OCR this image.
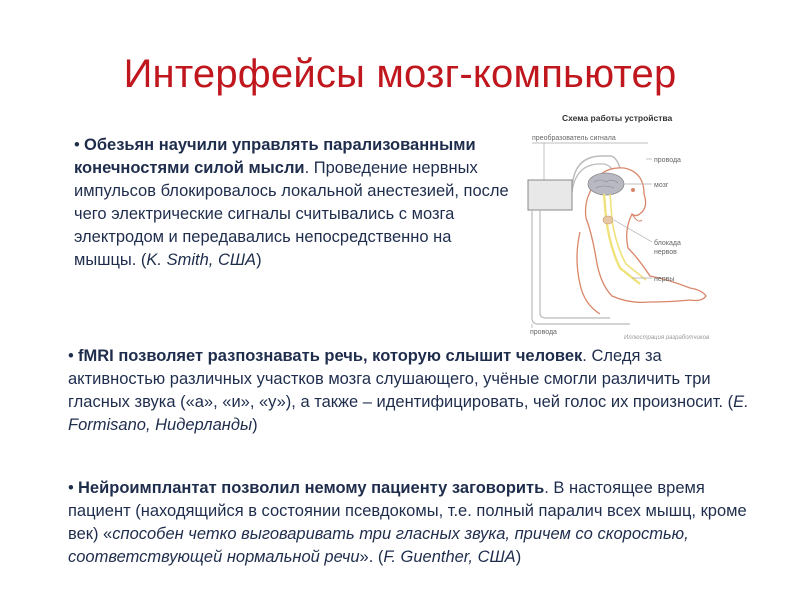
Интерфейсы мозг-компьютер
• Обезьян научили управлять парализованными конечностями силой мысли. Проведение нервных импульсов блокировалось локальной анестезией, после чего электрические сигналы считывались с мозга электродом и передавались непосредственно на мышцы. (K. Smith, США)
Схема работы устройства
преобразователь сигнала
провода
мозг
блокада
нервов
нервы
провода
Иллюстрация разработчиков
• fMRI позволяет разпознавать речь, которую слышит человек. Следя за активностью различных участков мозга слушающего, учёные смогли различить три гласных звука («а», «и», «у»), а также – идентифицировать, чей голос их произносит. (E. Formisano, Нидерланды)
• Нейроимплантат позволил немому пациенту заговорить. В настоящее время пациент (находящийся в состоянии псевдокомы, т.е. полный паралич всех мышц, кроме век) «способен четко выговаривать три гласных звука, причем со скоростью, соответствующей нормальной речи». (F. Guenther, США)
